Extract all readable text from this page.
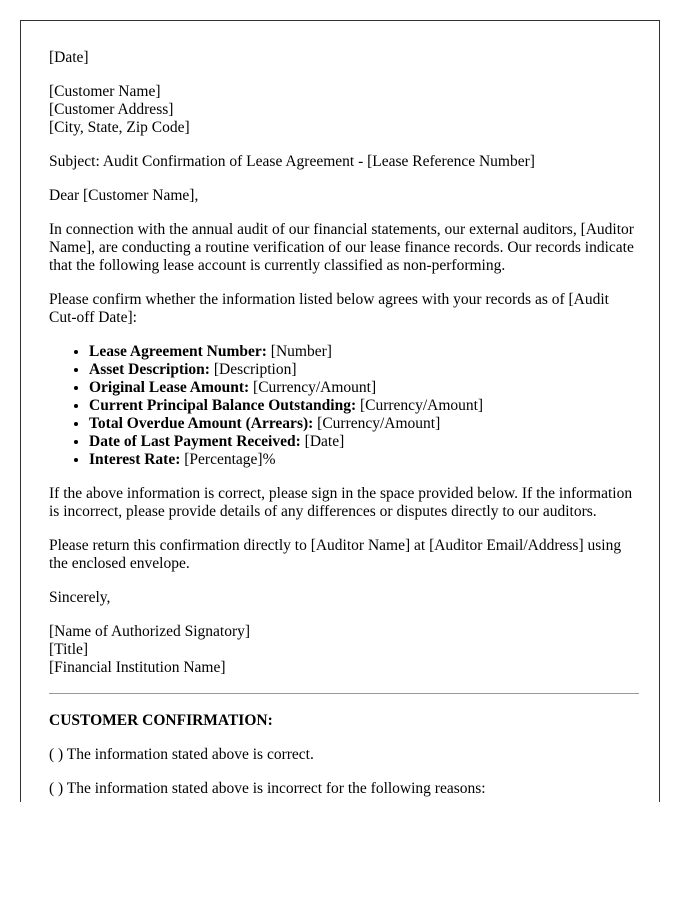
[Date]

[Customer Name]
[Customer Address]
[City, State, Zip Code]

Subject: Audit Confirmation of Lease Agreement - [Lease Reference Number]

Dear [Customer Name],

In connection with the annual audit of our financial statements, our external auditors, [Auditor Name], are conducting a routine verification of our lease finance records. Our records indicate that the following lease account is currently classified as non-performing.

Please confirm whether the information listed below agrees with your records as of [Audit Cut-off Date]:

• Lease Agreement Number: [Number]
• Asset Description: [Description]
• Original Lease Amount: [Currency/Amount]
• Current Principal Balance Outstanding: [Currency/Amount]
• Total Overdue Amount (Arrears): [Currency/Amount]
• Date of Last Payment Received: [Date]
• Interest Rate: [Percentage]%

If the above information is correct, please sign in the space provided below. If the information is incorrect, please provide details of any differences or disputes directly to our auditors.

Please return this confirmation directly to [Auditor Name] at [Auditor Email/Address] using the enclosed envelope.

Sincerely,

[Name of Authorized Signatory]
[Title]
[Financial Institution Name]

CUSTOMER CONFIRMATION:

( ) The information stated above is correct.

( ) The information stated above is incorrect for the following reasons:
